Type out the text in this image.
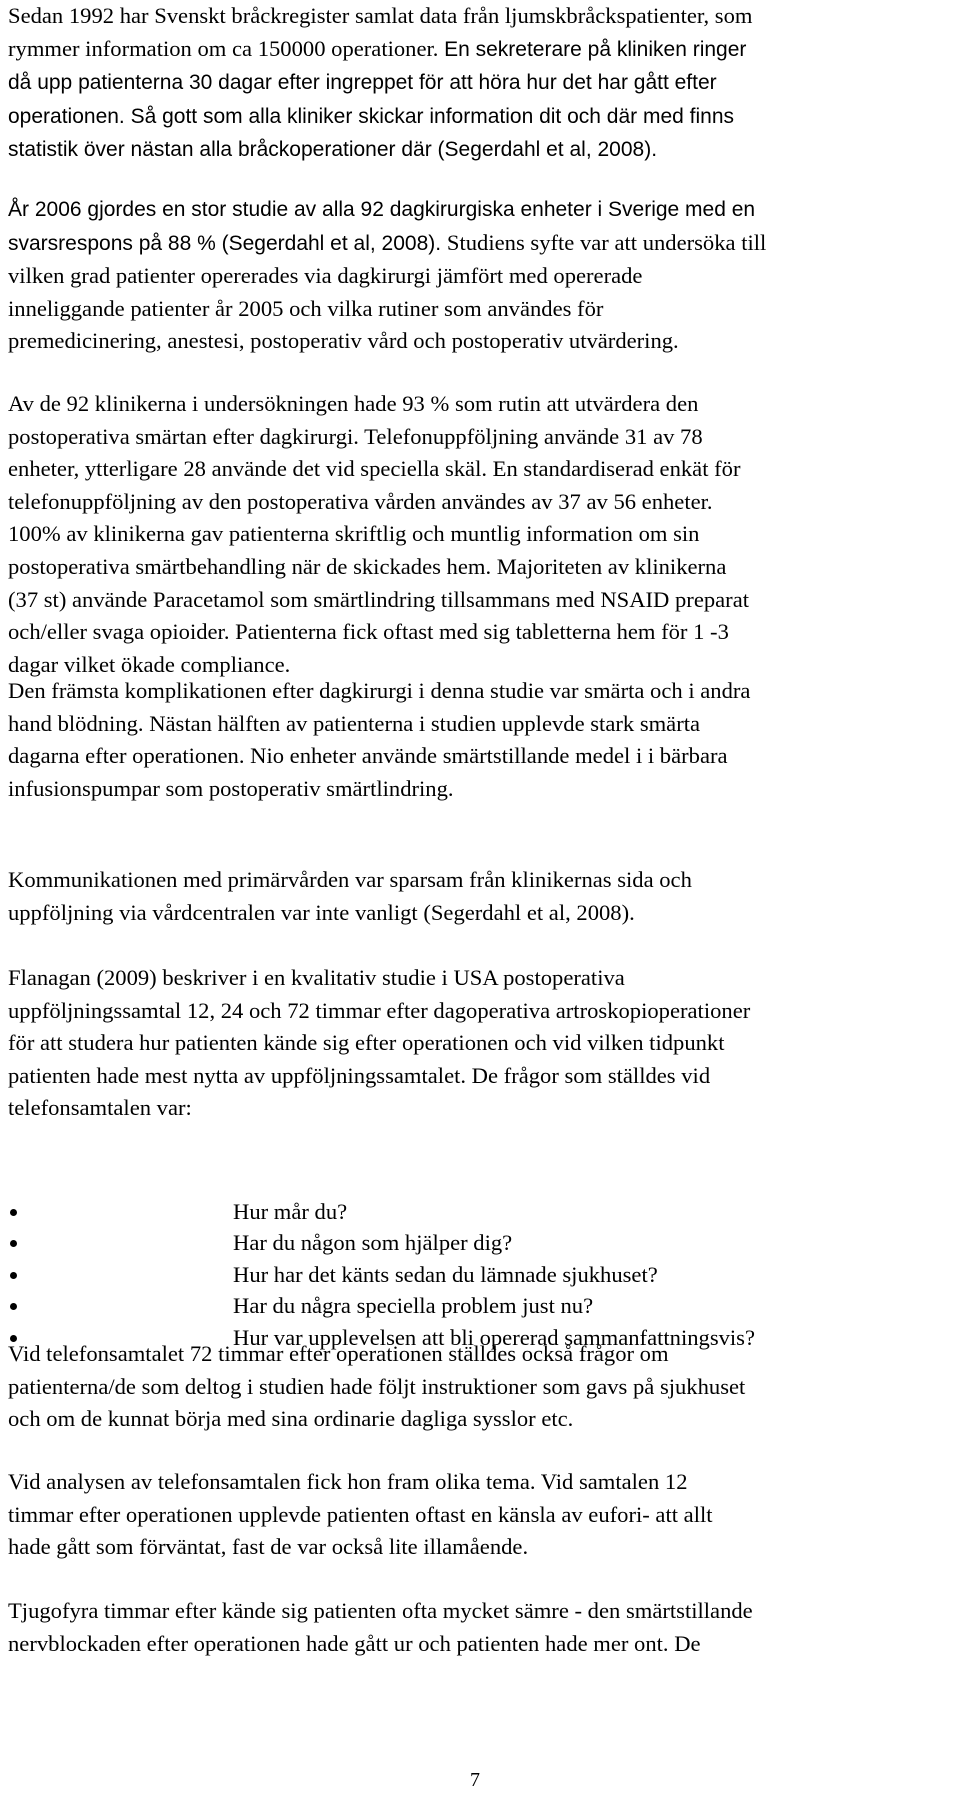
Sedan 1992 har Svenskt bråckregister samlat data från ljumskbråckspatienter, som
rymmer information om ca 150000 operationer. En sekreterare på kliniken ringer
då upp patienterna 30 dagar efter ingreppet för att höra hur det har gått efter
operationen. Så gott som alla kliniker skickar information dit och där med finns
statistik över nästan alla bråckoperationer där (Segerdahl et al, 2008).
År 2006 gjordes en stor studie av alla 92 dagkirurgiska enheter i Sverige med en
svarsrespons på 88 % (Segerdahl et al, 2008). Studiens syfte var att undersöka till
vilken grad patienter opererades via dagkirurgi jämfört med opererade
inneliggande patienter år 2005 och vilka rutiner som användes för
premedicinering, anestesi, postoperativ vård och postoperativ utvärdering.
Av de 92 klinikerna i undersökningen hade 93 % som rutin att utvärdera den
postoperativa smärtan efter dagkirurgi. Telefonuppföljning använde 31 av 78
enheter, ytterligare 28 använde det vid speciella skäl. En standardiserad enkät för
telefonuppföljning av den postoperativa vården användes av 37 av 56 enheter.
100% av klinikerna gav patienterna skriftlig och muntlig information om sin
postoperativa smärtbehandling när de skickades hem. Majoriteten av klinikerna
(37 st) använde Paracetamol som smärtlindring tillsammans med NSAID preparat
och/eller svaga opioider. Patienterna fick oftast med sig tabletterna hem för 1 -3
dagar vilket ökade compliance.
Den främsta komplikationen efter dagkirurgi i denna studie var smärta och i andra
hand blödning. Nästan hälften av patienterna i studien upplevde stark smärta
dagarna efter operationen. Nio enheter använde smärtstillande medel i i bärbara
infusionspumpar som postoperativ smärtlindring.
Kommunikationen med primärvården var sparsam från klinikernas sida och
uppföljning via vårdcentralen var inte vanligt (Segerdahl et al, 2008).
Flanagan (2009) beskriver i en kvalitativ studie i USA postoperativa
uppföljningssamtal 12, 24 och 72 timmar efter dagoperativa artroskopioperationer
för att studera hur patienten kände sig efter operationen och vid vilken tidpunkt
patienten hade mest nytta av uppföljningssamtalet. De frågor som ställdes vid
telefonsamtalen var:
Hur mår du?
Har du någon som hjälper dig?
Hur har det känts sedan du lämnade sjukhuset?
Har du några speciella problem just nu?
Hur var upplevelsen att bli opererad sammanfattningsvis?
Vid telefonsamtalet 72 timmar efter operationen ställdes också frågor om
patienterna/de som deltog i studien hade följt instruktioner som gavs på sjukhuset
och om de kunnat börja med sina ordinarie dagliga sysslor etc.
Vid analysen av telefonsamtalen fick hon fram olika tema. Vid samtalen 12
timmar efter operationen upplevde patienten oftast en känsla av eufori- att allt
hade gått som förväntat, fast de var också lite illamående.
Tjugofyra timmar efter kände sig patienten ofta mycket sämre - den smärtstillande
nervblockaden efter operationen hade gått ur och patienten hade mer ont. De
7
